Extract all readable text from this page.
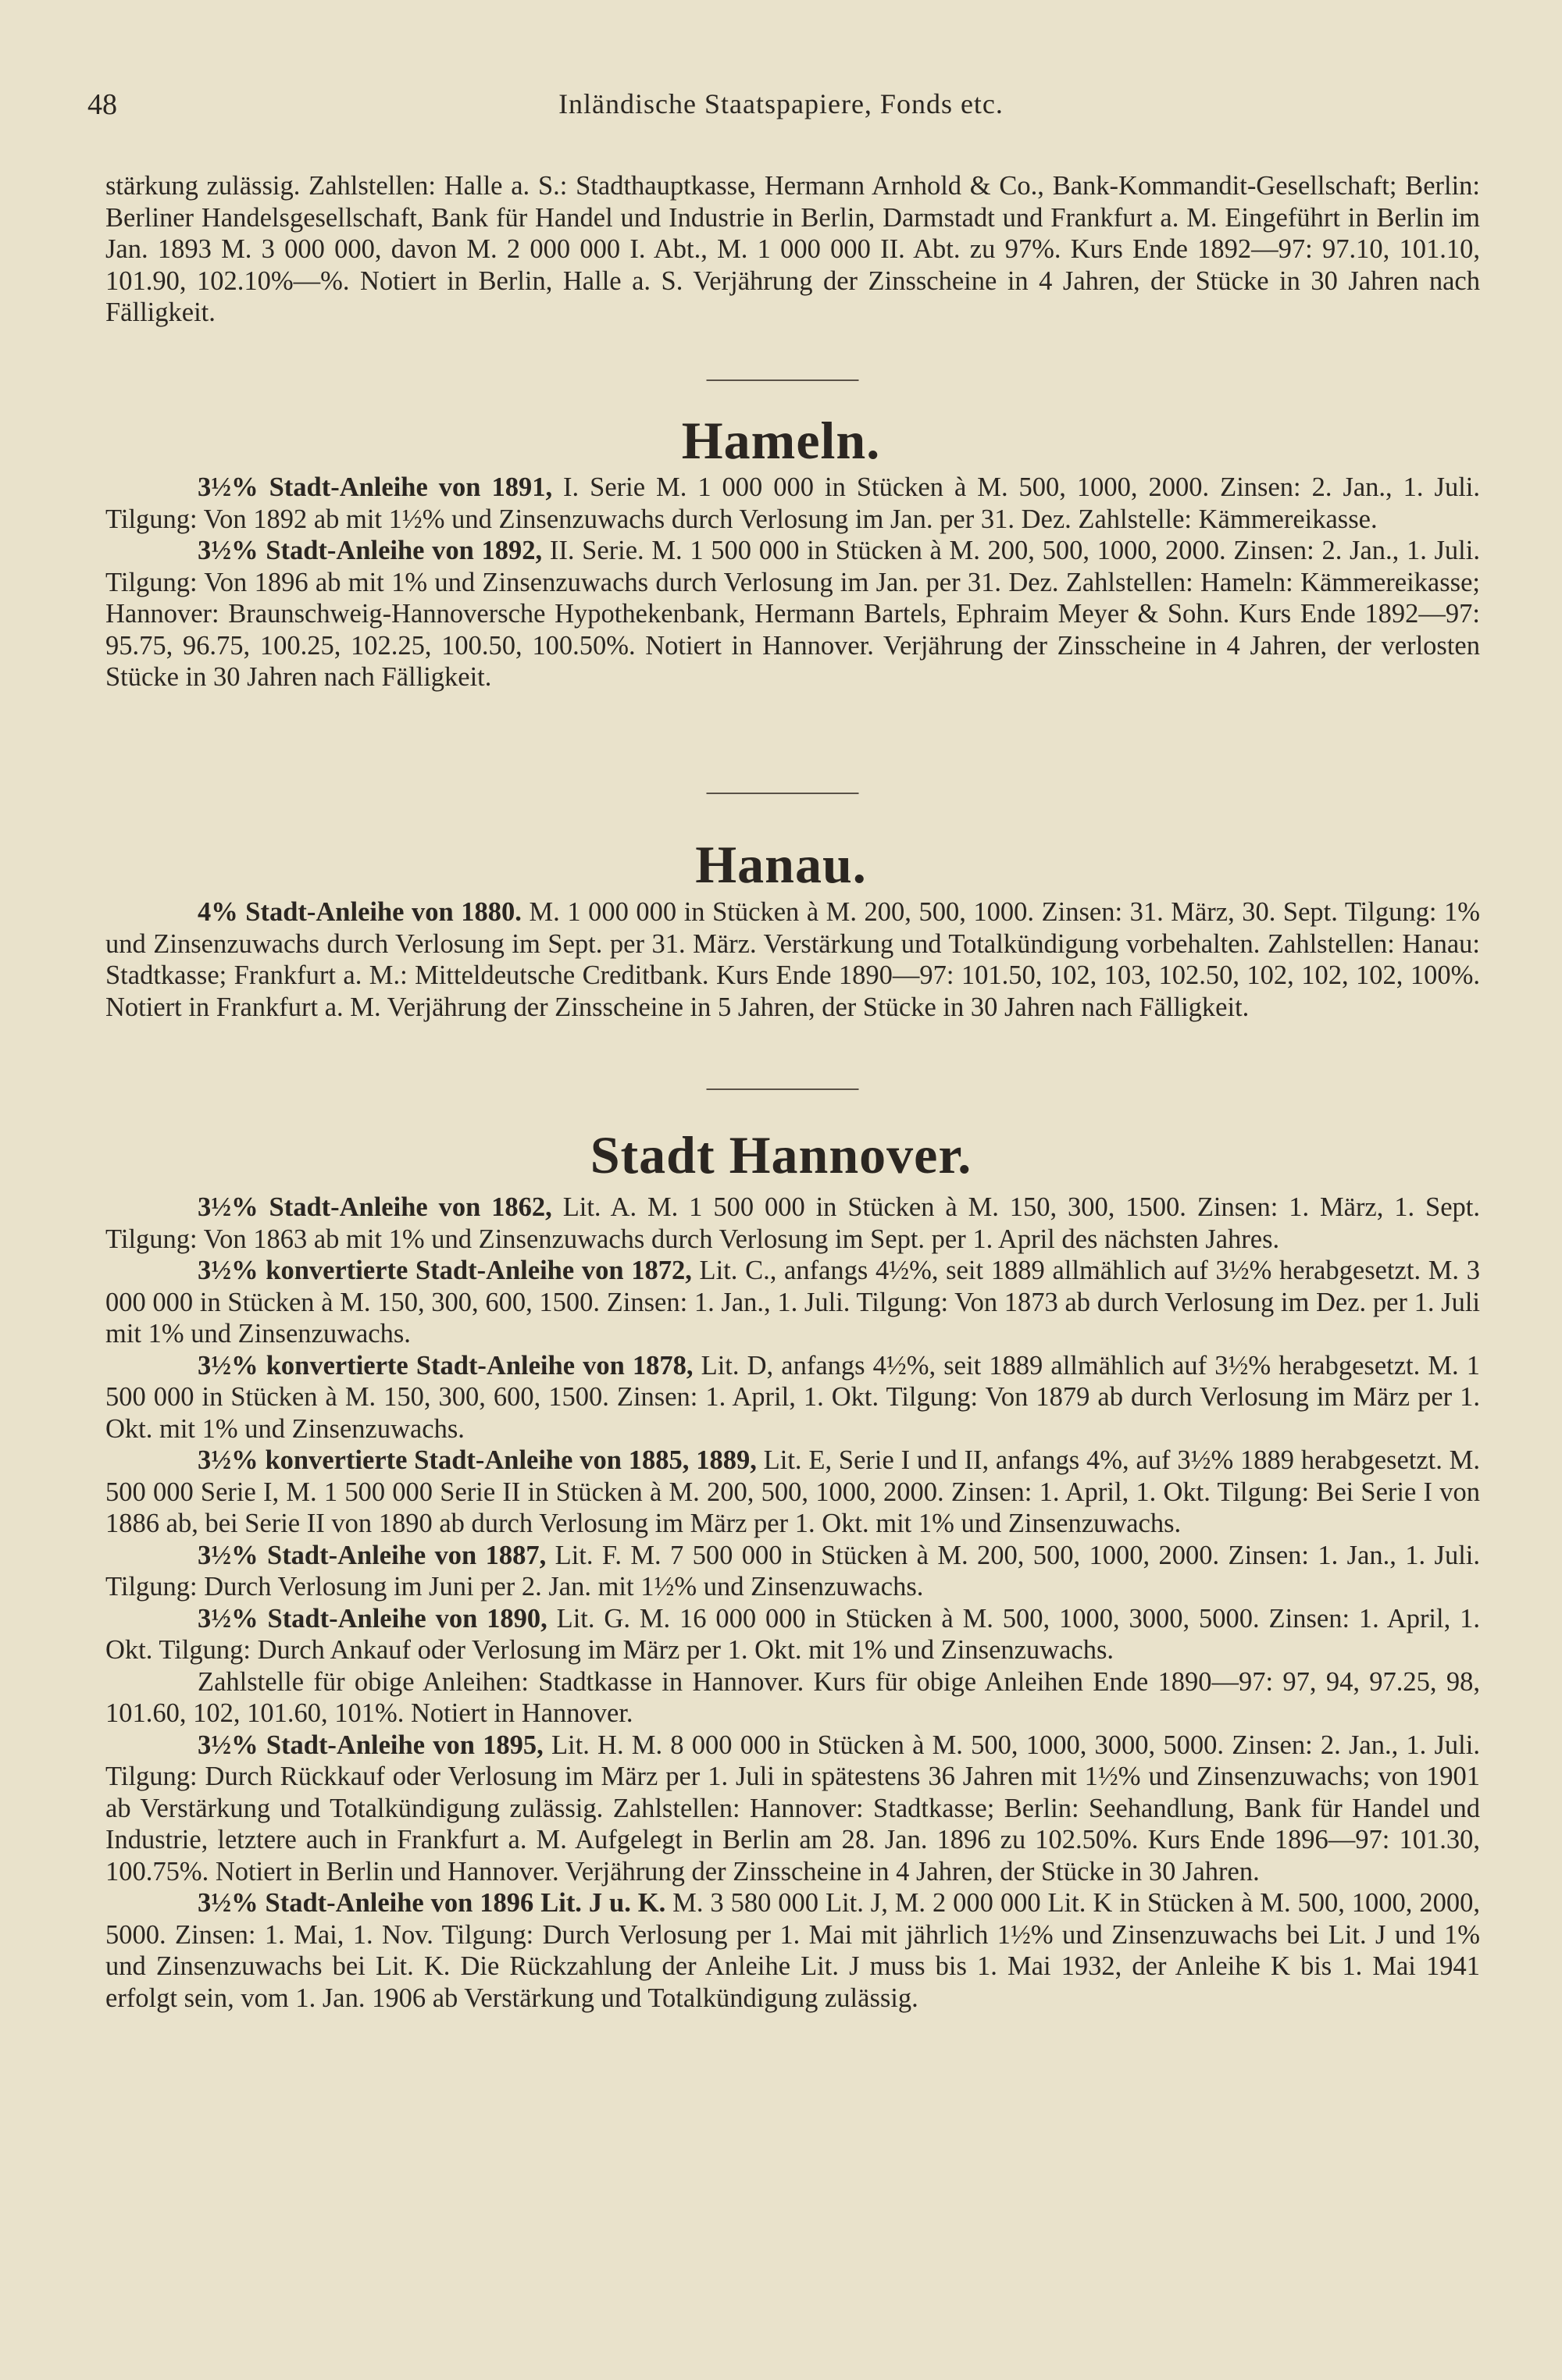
48	Inländische Staatspapiere, Fonds etc.

stärkung zulässig. Zahlstellen: Halle a. S.: Stadthauptkasse, Hermann Arnhold & Co., Bank-Kommandit-Gesellschaft; Berlin: Berliner Handelsgesellschaft, Bank für Handel und Industrie in Berlin, Darmstadt und Frankfurt a. M. Eingeführt in Berlin im Jan. 1893 M. 3 000 000, davon M. 2 000 000 I. Abt., M. 1 000 000 II. Abt. zu 97%. Kurs Ende 1892—97: 97.10, 101.10, 101.90, 102.10%—%. Notiert in Berlin, Halle a. S. Verjährung der Zinsscheine in 4 Jahren, der Stücke in 30 Jahren nach Fälligkeit.

Hameln.

3½% Stadt-Anleihe von 1891, I. Serie M. 1 000 000 in Stücken à M. 500, 1000, 2000. Zinsen: 2. Jan., 1. Juli. Tilgung: Von 1892 ab mit 1½% und Zinsenzuwachs durch Verlosung im Jan. per 31. Dez. Zahlstelle: Kämmereikasse.

3½% Stadt-Anleihe von 1892, II. Serie. M. 1 500 000 in Stücken à M. 200, 500, 1000, 2000. Zinsen: 2. Jan., 1. Juli. Tilgung: Von 1896 ab mit 1% und Zinsenzuwachs durch Verlosung im Jan. per 31. Dez. Zahlstellen: Hameln: Kämmereikasse; Hannover: Braunschweig-Hannoversche Hypothekenbank, Hermann Bartels, Ephraim Meyer & Sohn. Kurs Ende 1892—97: 95.75, 96.75, 100.25, 102.25, 100.50, 100.50%. Notiert in Hannover. Verjährung der Zinsscheine in 4 Jahren, der verlosten Stücke in 30 Jahren nach Fälligkeit.

Hanau.

4% Stadt-Anleihe von 1880. M. 1 000 000 in Stücken à M. 200, 500, 1000. Zinsen: 31. März, 30. Sept. Tilgung: 1% und Zinsenzuwachs durch Verlosung im Sept. per 31. März. Verstärkung und Totalkündigung vorbehalten. Zahlstellen: Hanau: Stadtkasse; Frankfurt a. M.: Mitteldeutsche Creditbank. Kurs Ende 1890—97: 101.50, 102, 103, 102.50, 102, 102, 102, 100%. Notiert in Frankfurt a. M. Verjährung der Zinsscheine in 5 Jahren, der Stücke in 30 Jahren nach Fälligkeit.

Stadt Hannover.

3½% Stadt-Anleihe von 1862, Lit. A. M. 1 500 000 in Stücken à M. 150, 300, 1500. Zinsen: 1. März, 1. Sept. Tilgung: Von 1863 ab mit 1% und Zinsenzuwachs durch Verlosung im Sept. per 1. April des nächsten Jahres.

3½% konvertierte Stadt-Anleihe von 1872, Lit. C., anfangs 4½%, seit 1889 allmählich auf 3½% herabgesetzt. M. 3 000 000 in Stücken à M. 150, 300, 600, 1500. Zinsen: 1. Jan., 1. Juli. Tilgung: Von 1873 ab durch Verlosung im Dez. per 1. Juli mit 1% und Zinsenzuwachs.

3½% konvertierte Stadt-Anleihe von 1878, Lit. D, anfangs 4½%, seit 1889 allmählich auf 3½% herabgesetzt. M. 1 500 000 in Stücken à M. 150, 300, 600, 1500. Zinsen: 1. April, 1. Okt. Tilgung: Von 1879 ab durch Verlosung im März per 1. Okt. mit 1% und Zinsenzuwachs.

3½% konvertierte Stadt-Anleihe von 1885, 1889, Lit. E, Serie I und II, anfangs 4%, auf 3½% 1889 herabgesetzt. M. 500 000 Serie I, M. 1 500 000 Serie II in Stücken à M. 200, 500, 1000, 2000. Zinsen: 1. April, 1. Okt. Tilgung: Bei Serie I von 1886 ab, bei Serie II von 1890 ab durch Verlosung im März per 1. Okt. mit 1% und Zinsenzuwachs.

3½% Stadt-Anleihe von 1887, Lit. F. M. 7 500 000 in Stücken à M. 200, 500, 1000, 2000. Zinsen: 1. Jan., 1. Juli. Tilgung: Durch Verlosung im Juni per 2. Jan. mit 1½% und Zinsenzuwachs.

3½% Stadt-Anleihe von 1890, Lit. G. M. 16 000 000 in Stücken à M. 500, 1000, 3000, 5000. Zinsen: 1. April, 1. Okt. Tilgung: Durch Ankauf oder Verlosung im März per 1. Okt. mit 1% und Zinsenzuwachs.

Zahlstelle für obige Anleihen: Stadtkasse in Hannover. Kurs für obige Anleihen Ende 1890—97: 97, 94, 97.25, 98, 101.60, 102, 101.60, 101%. Notiert in Hannover.

3½% Stadt-Anleihe von 1895, Lit. H. M. 8 000 000 in Stücken à M. 500, 1000, 3000, 5000. Zinsen: 2. Jan., 1. Juli. Tilgung: Durch Rückkauf oder Verlosung im März per 1. Juli in spätestens 36 Jahren mit 1½% und Zinsenzuwachs; von 1901 ab Verstärkung und Totalkündigung zulässig. Zahlstellen: Hannover: Stadtkasse; Berlin: Seehandlung, Bank für Handel und Industrie, letztere auch in Frankfurt a. M. Aufgelegt in Berlin am 28. Jan. 1896 zu 102.50%. Kurs Ende 1896—97: 101.30, 100.75%. Notiert in Berlin und Hannover. Verjährung der Zinsscheine in 4 Jahren, der Stücke in 30 Jahren.

3½% Stadt-Anleihe von 1896 Lit. J u. K. M. 3 580 000 Lit. J, M. 2 000 000 Lit. K in Stücken à M. 500, 1000, 2000, 5000. Zinsen: 1. Mai, 1. Nov. Tilgung: Durch Verlosung per 1. Mai mit jährlich 1½% und Zinsenzuwachs bei Lit. J und 1% und Zinsenzuwachs bei Lit. K. Die Rückzahlung der Anleihe Lit. J muss bis 1. Mai 1932, der Anleihe K bis 1. Mai 1941 erfolgt sein, vom 1. Jan. 1906 ab Verstärkung und Totalkündigung zulässig.
